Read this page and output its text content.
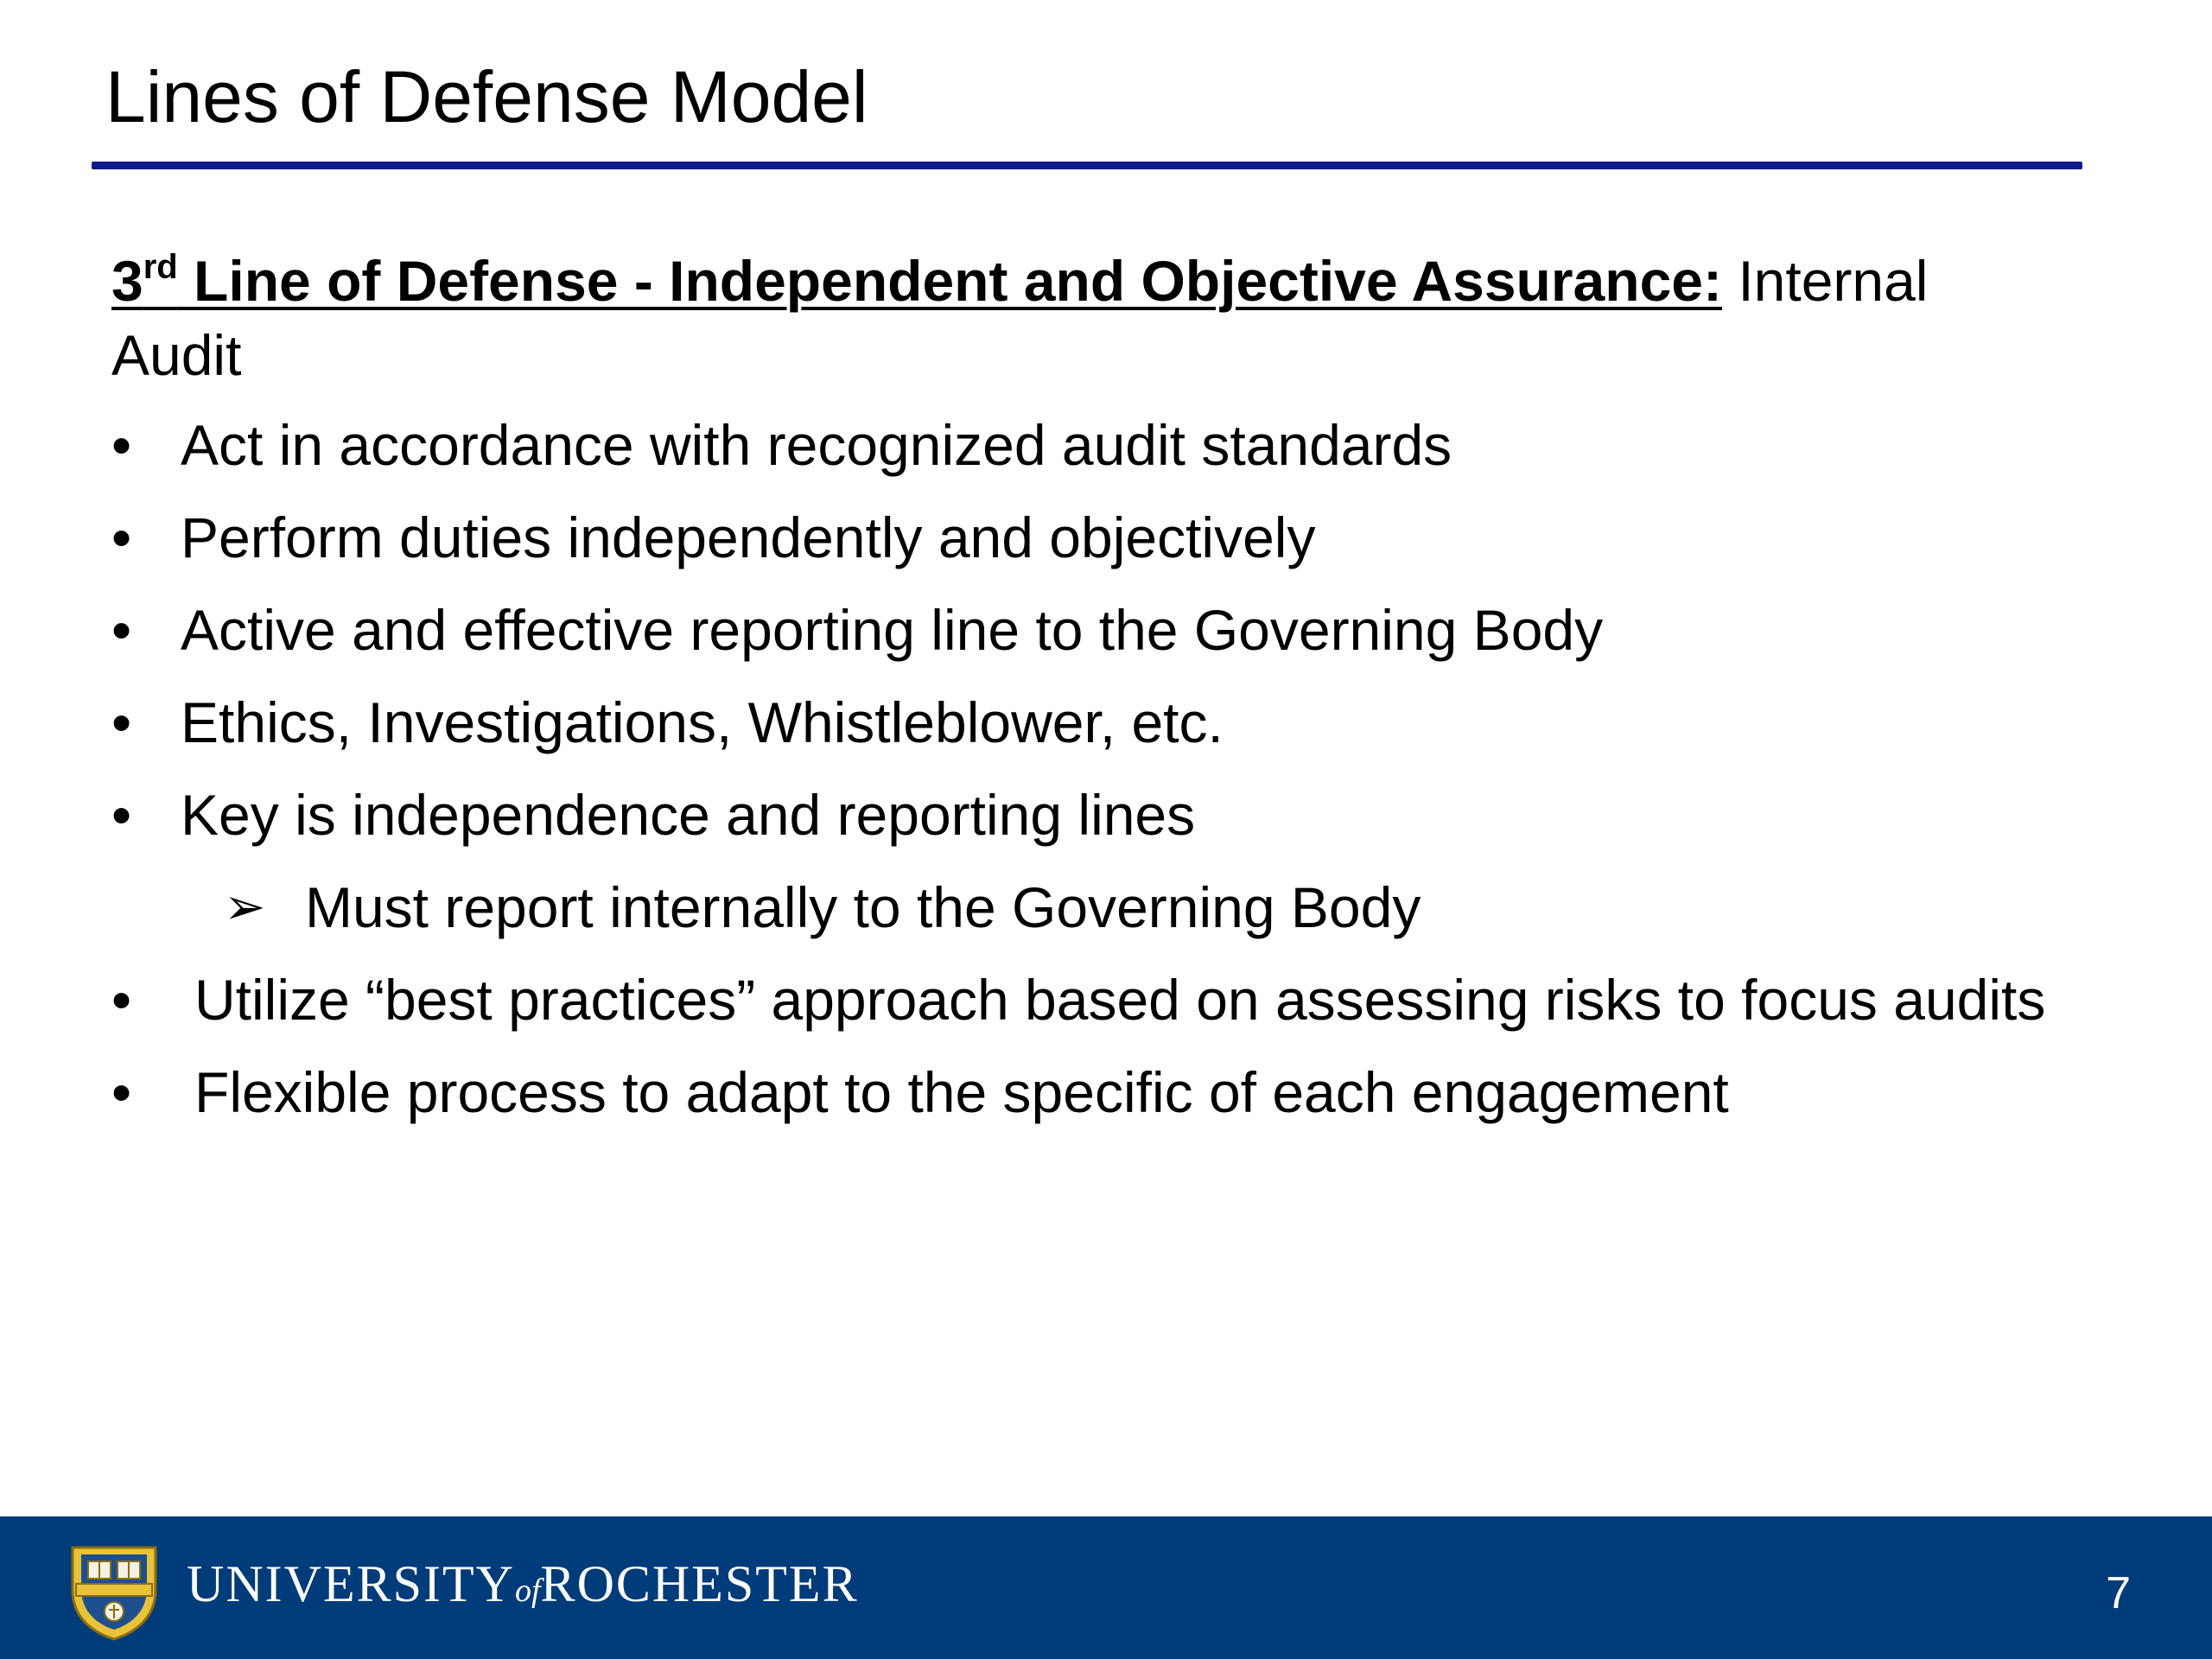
Lines of Defense Model

3rd Line of Defense - Independent and Objective Assurance: Internal Audit

• Act in accordance with recognized audit standards
• Perform duties independently and objectively
• Active and effective reporting line to the Governing Body
• Ethics, Investigations, Whistleblower, etc.
• Key is independence and reporting lines
➢ Must report internally to the Governing Body
• Utilize “best practices” approach based on assessing risks to focus audits
• Flexible process to adapt to the specific of each engagement
UNIVERSITYofROCHESTER	7
